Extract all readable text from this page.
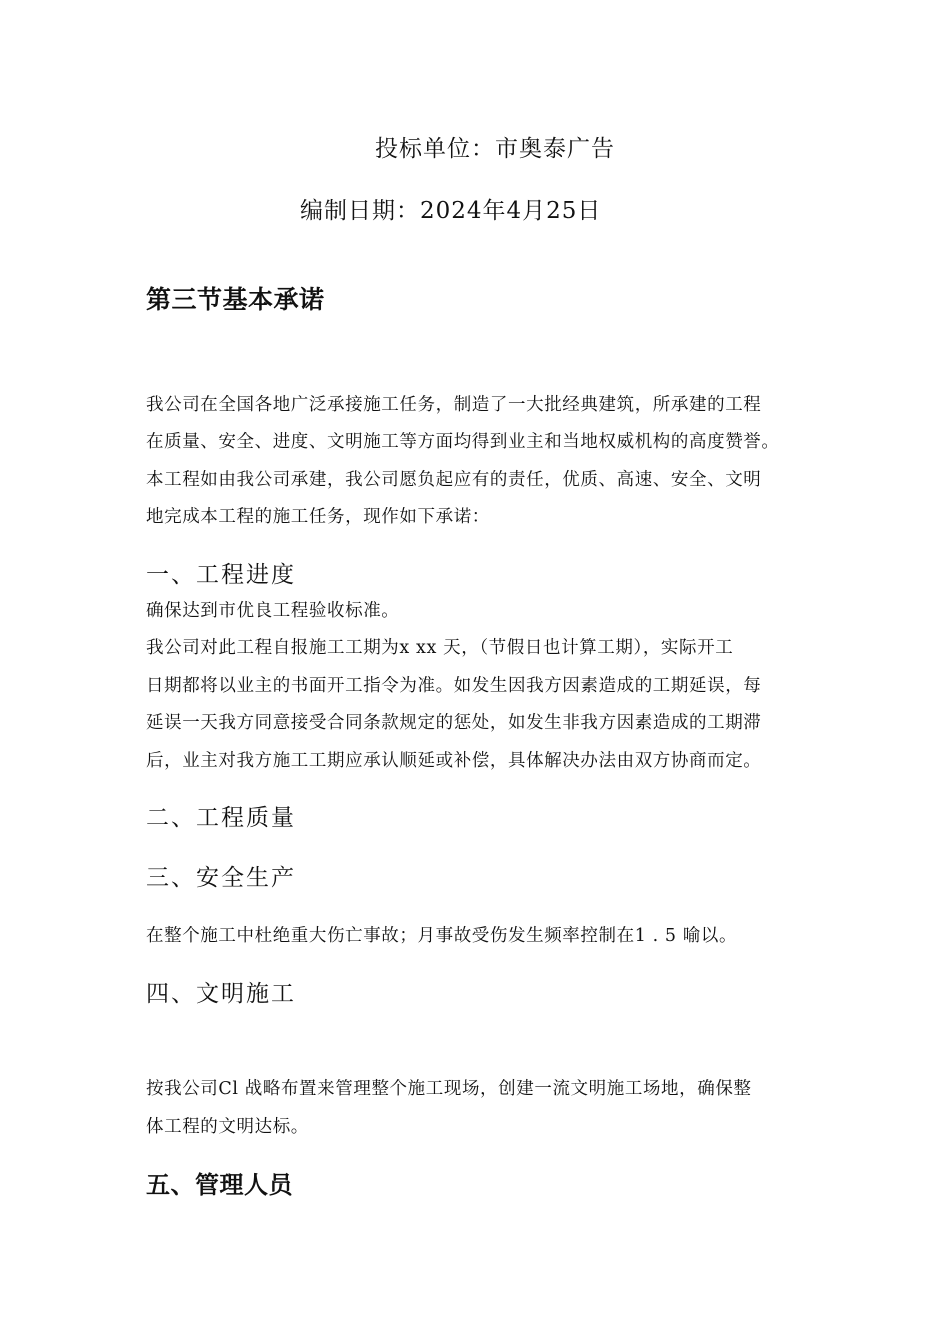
投标单位：市奥泰广告
编制日期：2024年4月25日
第三节基本承诺
我公司在全国各地广泛承接施工任务，制造了一大批经典建筑，所承建的工程
在质量、安全、进度、文明施工等方面均得到业主和当地权威机构的高度赞誉。
本工程如由我公司承建，我公司愿负起应有的责任，优质、高速、安全、文明
地完成本工程的施工任务，现作如下承诺：
一、工程进度
确保达到市优良工程验收标准。
我公司对此工程自报施工工期为x xx 天，（节假日也计算工期），实际开工
日期都将以业主的书面开工指令为准。如发生因我方因素造成的工期延误，每
延误一天我方同意接受合同条款规定的惩处，如发生非我方因素造成的工期滞
后，业主对我方施工工期应承认顺延或补偿，具体解决办法由双方协商而定。
二、工程质量
三、安全生产
在整个施工中杜绝重大伤亡事故；月事故受伤发生频率控制在1 . 5 喻以。
四、文明施工
按我公司Cl 战略布置来管理整个施工现场，创建一流文明施工场地，确保整
体工程的文明达标。
五、管理人员
